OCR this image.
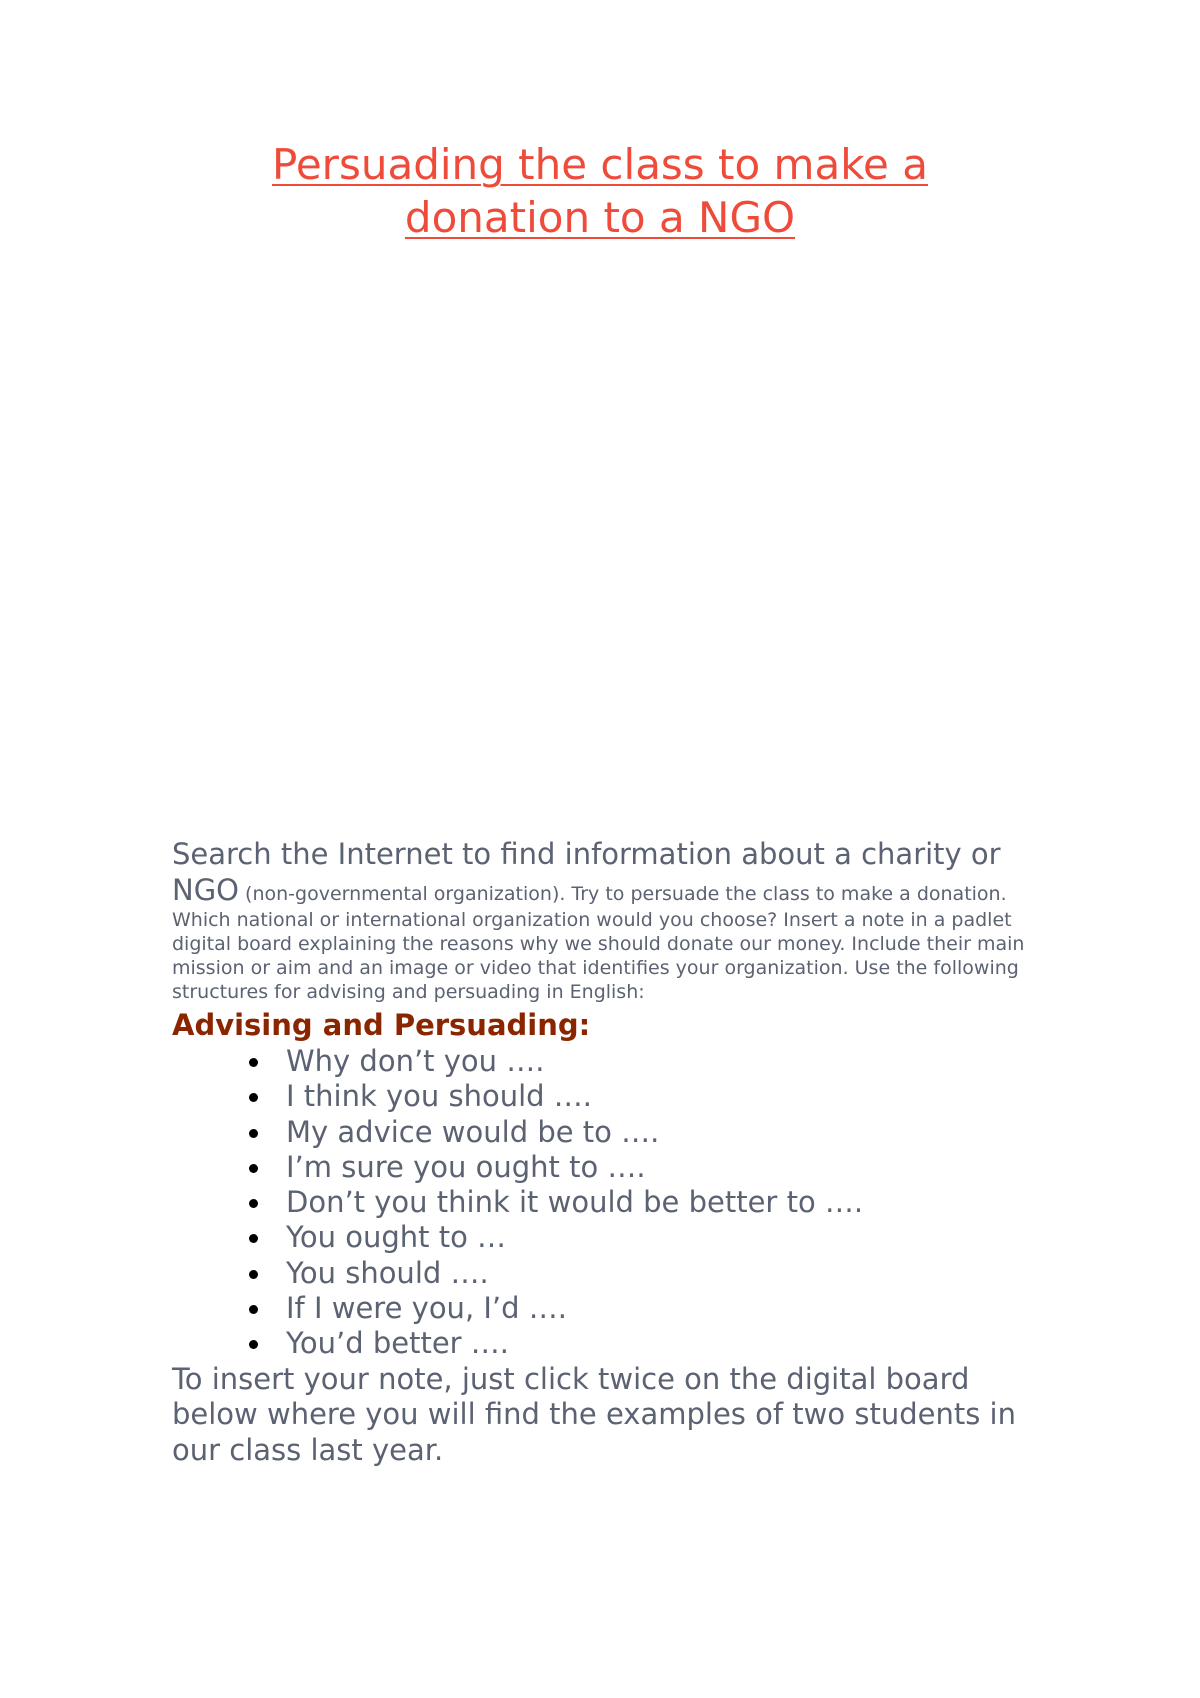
Persuading the class to make a
donation to a NGO

Search the Internet to find information about a charity or NGO (non-governmental organization). Try to persuade the class to make a donation. Which national or international organization would you choose? Insert a note in a padlet digital board explaining the reasons why we should donate our money. Include their main mission or aim and an image or video that identifies your organization. Use the following structures for advising and persuading in English:

Advising and Persuading:
Why don’t you ….
I think you should ….
My advice would be to ….
I’m sure you ought to ….
Don’t you think it would be better to ….
You ought to …
You should ….
If I were you, I’d ….
You’d better ….

To insert your note, just click twice on the digital board below where you will find the examples of two students in our class last year.
